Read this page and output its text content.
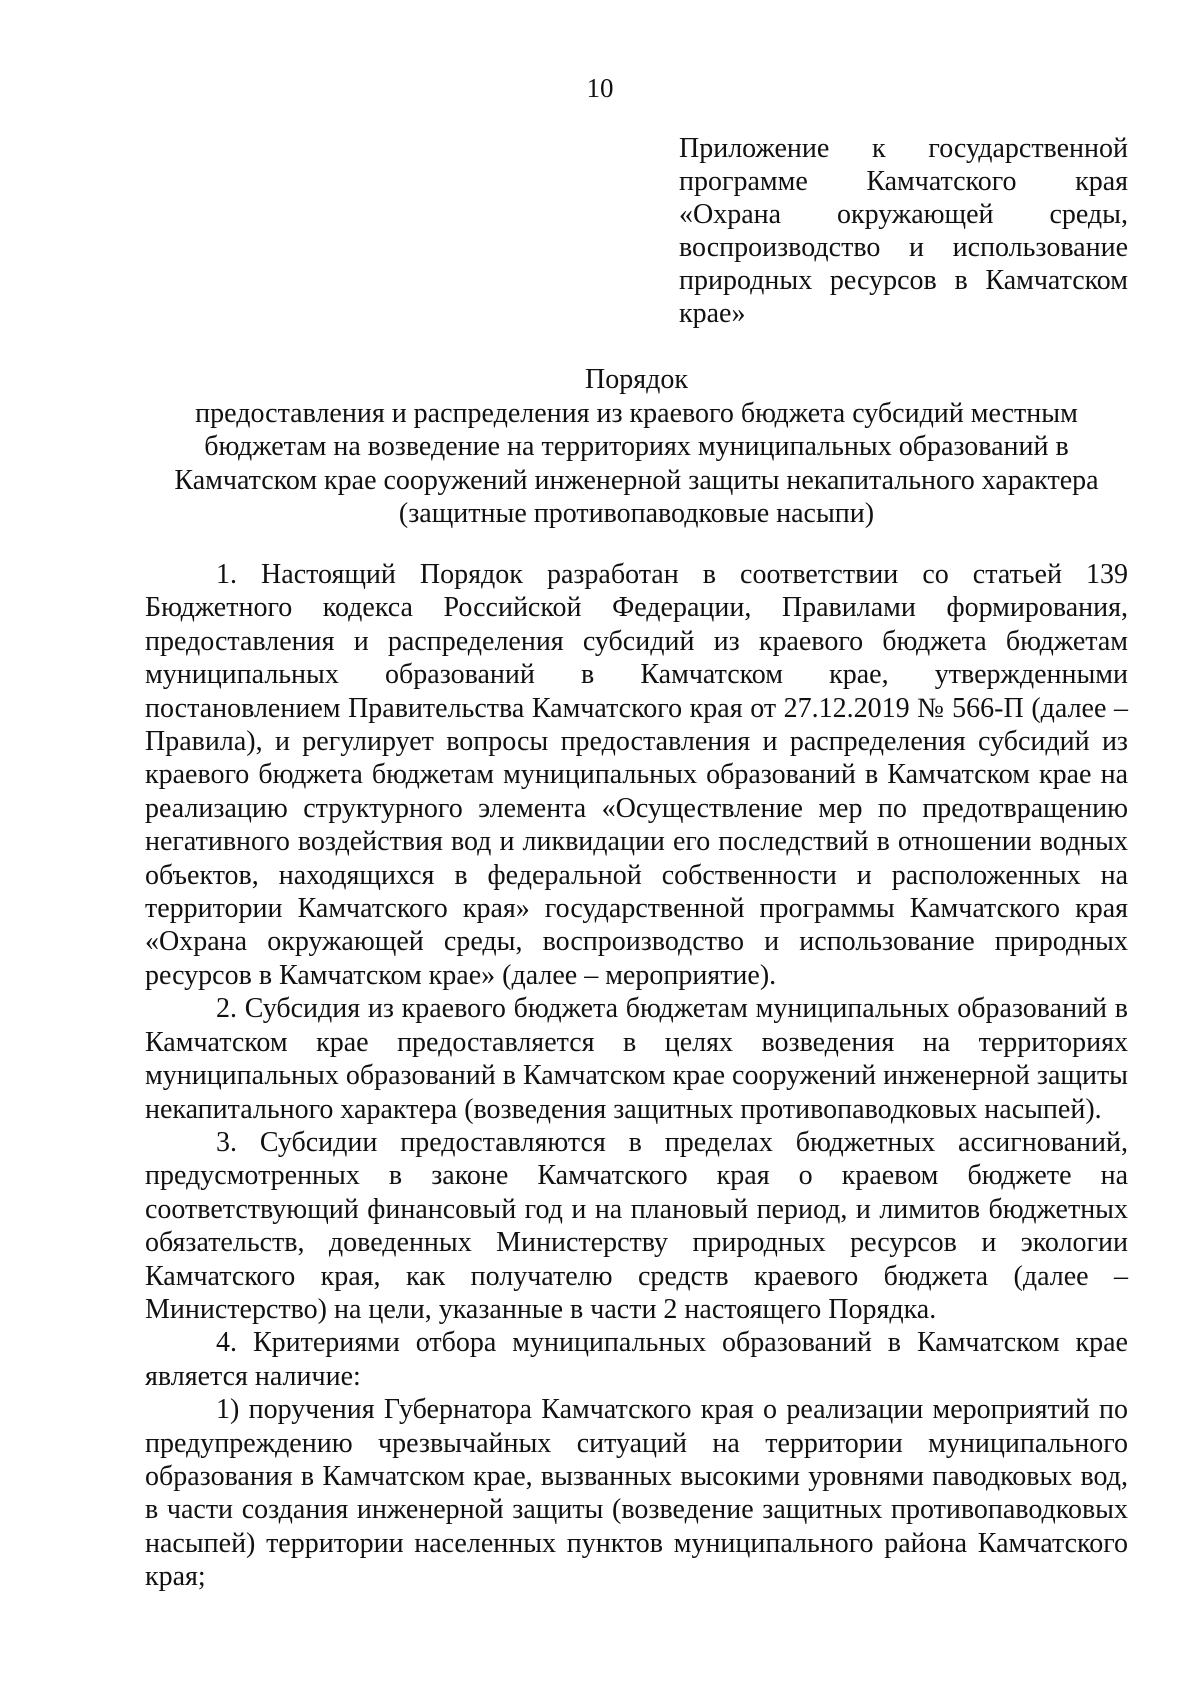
10
Приложение к государственной
программе Камчатского края
«Охрана окружающей среды,
воспроизводство и использование
природных ресурсов в Камчатском
крае»
Порядок
предоставления и распределения из краевого бюджета субсидий местным бюджетам на возведение на территориях муниципальных образований в Камчатском крае сооружений инженерной защиты некапитального характера (защитные противопаводковые насыпи)

1. Настоящий Порядок разработан в соответствии со статьей 139 Бюджетного кодекса Российской Федерации, Правилами формирования, предоставления и распределения субсидий из краевого бюджета бюджетам муниципальных образований в Камчатском крае, утвержденными постановлением Правительства Камчатского края от 27.12.2019 № 566-П (далее – Правила), и регулирует вопросы предоставления и распределения субсидий из краевого бюджета бюджетам муниципальных образований в Камчатском крае на реализацию структурного элемента «Осуществление мер по предотвращению негативного воздействия вод и ликвидации его последствий в отношении водных объектов, находящихся в федеральной собственности и расположенных на территории Камчатского края» государственной программы Камчатского края «Охрана окружающей среды, воспроизводство и использование природных ресурсов в Камчатском крае» (далее – мероприятие).

2. Субсидия из краевого бюджета бюджетам муниципальных образований в Камчатском крае предоставляется в целях возведения на территориях муниципальных образований в Камчатском крае сооружений инженерной защиты некапитального характера (возведения защитных противопаводковых насыпей).

3. Субсидии предоставляются в пределах бюджетных ассигнований, предусмотренных в законе Камчатского края о краевом бюджете на соответствующий финансовый год и на плановый период, и лимитов бюджетных обязательств, доведенных Министерству природных ресурсов и экологии Камчатского края, как получателю средств краевого бюджета (далее – Министерство) на цели, указанные в части 2 настоящего Порядка.

4. Критериями отбора муниципальных образований в Камчатском крае является наличие:

1) поручения Губернатора Камчатского края о реализации мероприятий по предупреждению чрезвычайных ситуаций на территории муниципального образования в Камчатском крае, вызванных высокими уровнями паводковых вод, в части создания инженерной защиты (возведение защитных противопаводковых насыпей) территории населенных пунктов муниципального района Камчатского края;
